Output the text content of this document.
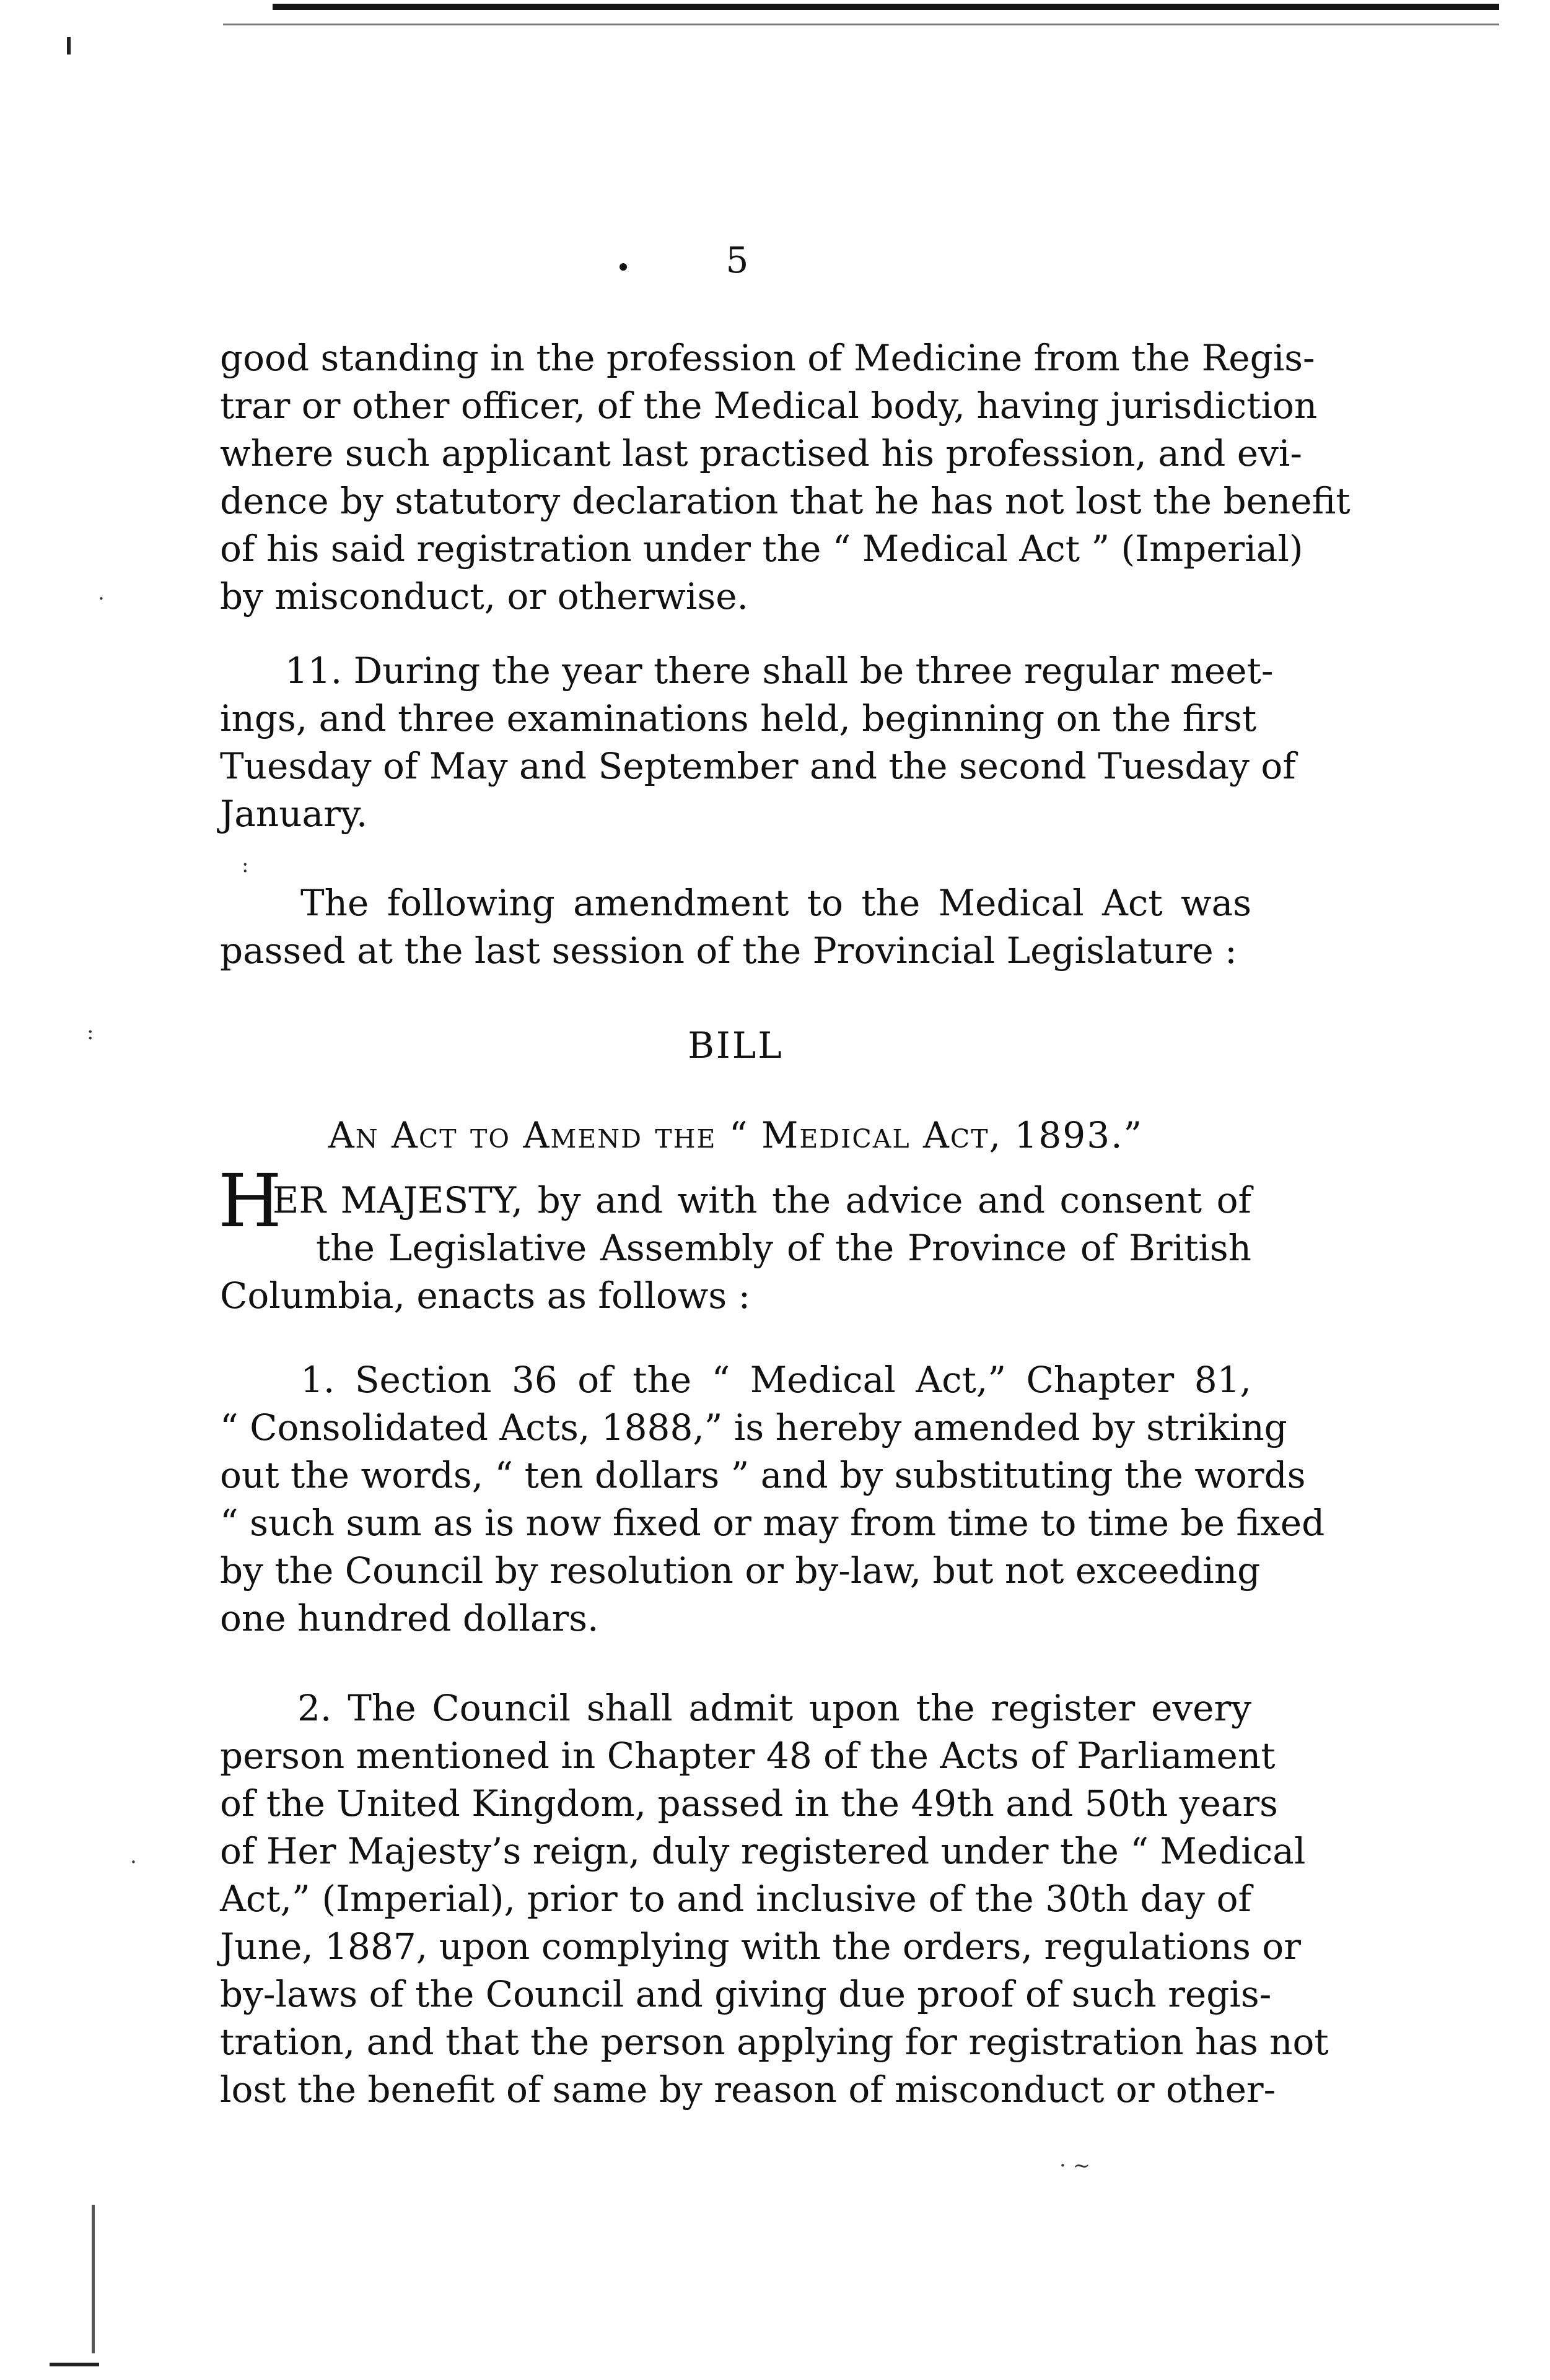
5
good standing in the profession of Medicine from the Regis-
trar or other officer, of the Medical body, having jurisdiction
where such applicant last practised his profession, and evi-
dence by statutory declaration that he has not lost the benefit
of his said registration under the “ Medical Act ” (Imperial)
by misconduct, or otherwise.
11. During the year there shall be three regular meet-
ings, and three examinations held, beginning on the first
Tuesday of May and September and the second Tuesday of
January.
The following amendment to the Medical Act was
passed at the last session of the Provincial Legislature :
BILL
An Act to Amend the “ Medical Act, 1893.”
H
ER MAJESTY, by and with the advice and consent of
the Legislative Assembly of the Province of British
Columbia, enacts as follows :
1. Section 36 of the “ Medical Act,” Chapter 81,
“ Consolidated Acts, 1888,” is hereby amended by striking
out the words, “ ten dollars ” and by substituting the words
“ such sum as is now fixed or may from time to time be fixed
by the Council by resolution or by-law, but not exceeding
one hundred dollars.
2. The Council shall admit upon the register every
person mentioned in Chapter 48 of the Acts of Parliament
of the United Kingdom, passed in the 49th and 50th years
of Her Majesty’s reign, duly registered under the “ Medical
Act,” (Imperial), prior to and inclusive of the 30th day of
June, 1887, upon complying with the orders, regulations or
by-laws of the Council and giving due proof of such regis-
tration, and that the person applying for registration has not
lost the benefit of same by reason of misconduct or other-
·
:
:
·
· ~
